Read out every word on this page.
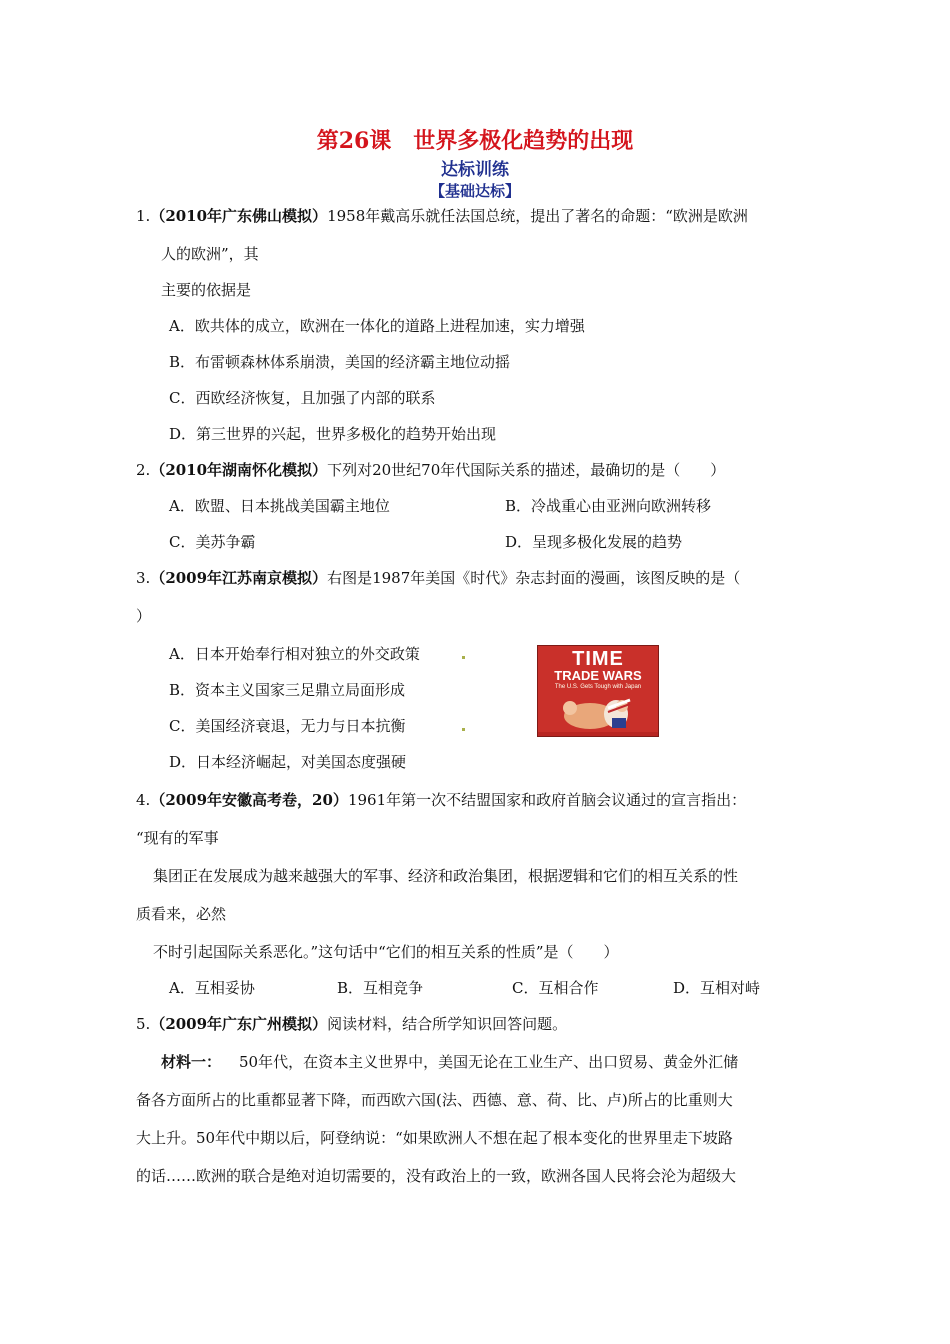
第26课　世界多极化趋势的出现
达标训练
【基础达标】
1.（2010年广东佛山模拟）1958年戴高乐就任法国总统，提出了著名的命题：“欧洲是欧洲
人的欧洲”，其
主要的依据是
A．欧共体的成立，欧洲在一体化的道路上进程加速，实力增强
B．布雷顿森林体系崩溃，美国的经济霸主地位动摇
C．西欧经济恢复，且加强了内部的联系
D．第三世界的兴起，世界多极化的趋势开始出现
2.（2010年湖南怀化模拟）下列对20世纪70年代国际关系的描述，最确切的是（　　）
A．欧盟、日本挑战美国霸主地位	B．冷战重心由亚洲向欧洲转移
C．美苏争霸	D．呈现多极化发展的趋势
3.（2009年江苏南京模拟）右图是1987年美国《时代》杂志封面的漫画，该图反映的是（
）
A．日本开始奉行相对独立的外交政策
B．资本主义国家三足鼎立局面形成
C．美国经济衰退，无力与日本抗衡
D．日本经济崛起，对美国态度强硬
TIME
TRADE WARS
The U.S. Gets Tough with Japan
4.（2009年安徽高考卷，20）1961年第一次不结盟国家和政府首脑会议通过的宣言指出：
“现有的军事
集团正在发展成为越来越强大的军事、经济和政治集团，根据逻辑和它们的相互关系的性
质看来，必然
不时引起国际关系恶化。”这句话中“它们的相互关系的性质”是（　　）
A．互相妥协	B．互相竞争	C．互相合作	D．互相对峙
5.（2009年广东广州模拟）阅读材料，结合所学知识回答问题。
材料一： 50年代，在资本主义世界中，美国无论在工业生产、出口贸易、黄金外汇储
备各方面所占的比重都显著下降，而西欧六国(法、西德、意、荷、比、卢)所占的比重则大
大上升。50年代中期以后，阿登纳说：“如果欧洲人不想在起了根本变化的世界里走下坡路
的话……欧洲的联合是绝对迫切需要的，没有政治上的一致，欧洲各国人民将会沦为超级大
